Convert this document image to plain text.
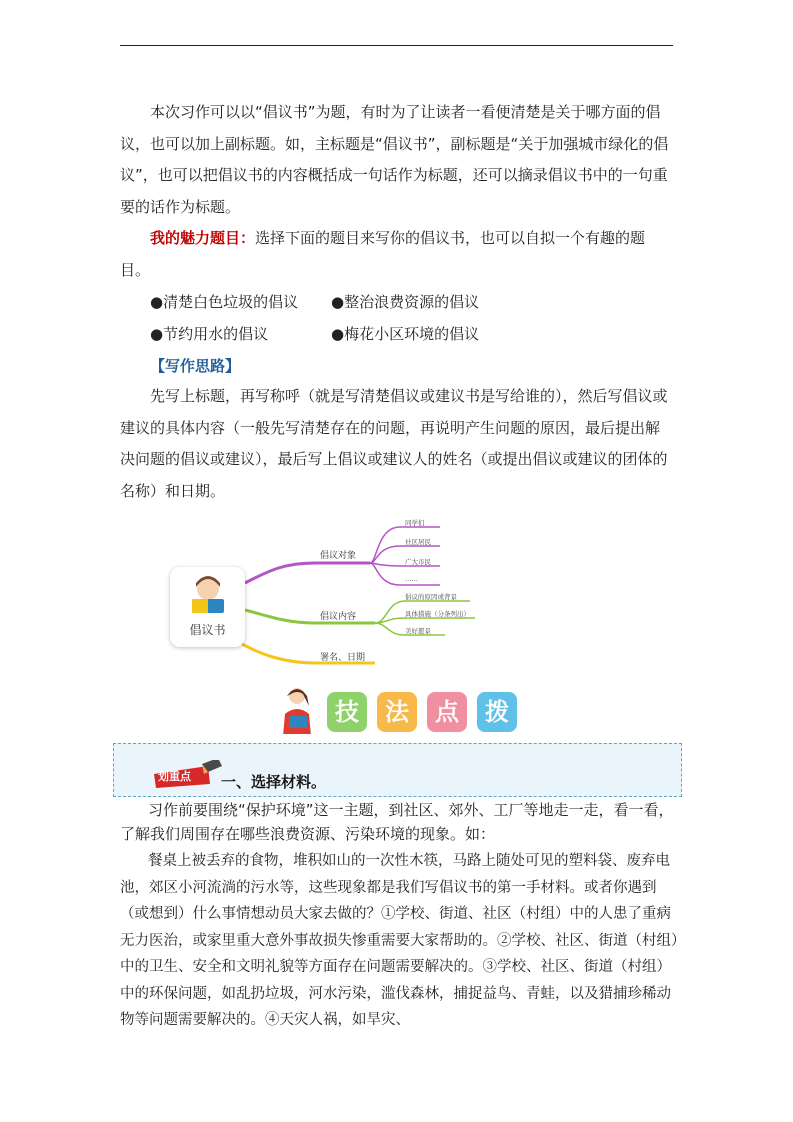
本次习作可以以“倡议书”为题，有时为了让读者一看便清楚是关于哪方面的倡议，也可以加上副标题。如，主标题是“倡议书”，副标题是“关于加强城市绿化的倡议”，也可以把倡议书的内容概括成一句话作为标题，还可以摘录倡议书中的一句重要的话作为标题。

我的魅力题目：选择下面的题目来写你的倡议书，也可以自拟一个有趣的题目。

●清楚白色垃圾的倡议 ●整治浪费资源的倡议
●节约用水的倡议	●梅花小区环境的倡议
【写作思路】

先写上标题，再写称呼（就是写清楚倡议或建议书是写给谁的），然后写倡议或建议的具体内容（一般先写清楚存在的问题，再说明产生问题的原因，最后提出解决问题的倡议或建议），最后写上倡议或建议人的姓名（或提出倡议或建议的团体的名称）和日期。

倡议书
倡议对象
倡议内容
署名、日期
同学们
社区居民
广大市民
……
倡议的原因或背景
具体措施（分条列出）
美好愿景
技	法	点	拨
划重点 一、选择材料。

习作前要围绕“保护环境”这一主题，到社区、郊外、工厂等地走一走，看一看，了解我们周围存在哪些浪费资源、污染环境的现象。如：

餐桌上被丢弃的食物，堆积如山的一次性木筷，马路上随处可见的塑料袋、废弃电池，郊区小河流淌的污水等，这些现象都是我们写倡议书的第一手材料。或者你遇到（或想到）什么事情想动员大家去做的？①学校、街道、社区（村组）中的人患了重病无力医治，或家里重大意外事故损失惨重需要大家帮助的。②学校、社区、街道（村组）中的卫生、安全和文明礼貌等方面存在问题需要解决的。③学校、社区、街道（村组）中的环保问题，如乱扔垃圾，河水污染，滥伐森林，捕捉益鸟、青蛙，以及猎捕珍稀动物等问题需要解决的。④天灾人祸，如旱灾、
